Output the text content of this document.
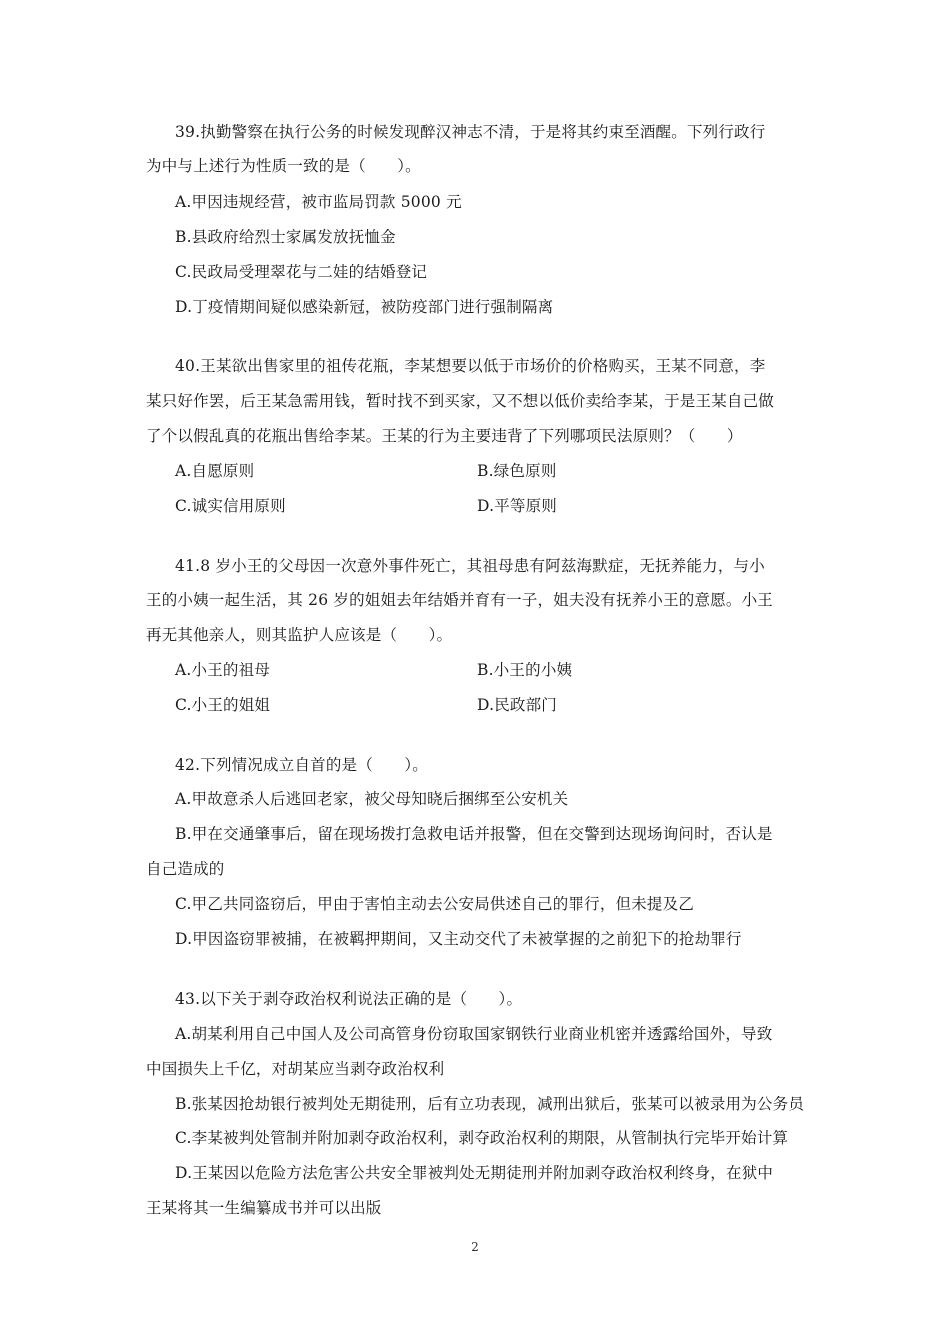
39.执勤警察在执行公务的时候发现醉汉神志不清，于是将其约束至酒醒。下列行政行
为中与上述行为性质一致的是（　　）。
A.甲因违规经营，被市监局罚款 5000 元
B.县政府给烈士家属发放抚恤金
C.民政局受理翠花与二娃的结婚登记
D.丁疫情期间疑似感染新冠，被防疫部门进行强制隔离
40.王某欲出售家里的祖传花瓶，李某想要以低于市场价的价格购买，王某不同意，李
某只好作罢，后王某急需用钱，暂时找不到买家，又不想以低价卖给李某，于是王某自己做
了个以假乱真的花瓶出售给李某。王某的行为主要违背了下列哪项民法原则？（　　）
A.自愿原则	B.绿色原则
C.诚实信用原则	D.平等原则
41.8 岁小王的父母因一次意外事件死亡，其祖母患有阿兹海默症，无抚养能力，与小
王的小姨一起生活，其 26 岁的姐姐去年结婚并育有一子，姐夫没有抚养小王的意愿。小王
再无其他亲人，则其监护人应该是（　　）。
A.小王的祖母	B.小王的小姨
C.小王的姐姐	D.民政部门
42.下列情况成立自首的是（　　）。
A.甲故意杀人后逃回老家，被父母知晓后捆绑至公安机关
B.甲在交通肇事后，留在现场拨打急救电话并报警，但在交警到达现场询问时，否认是
自己造成的
C.甲乙共同盗窃后，甲由于害怕主动去公安局供述自己的罪行，但未提及乙
D.甲因盗窃罪被捕，在被羁押期间，又主动交代了未被掌握的之前犯下的抢劫罪行
43.以下关于剥夺政治权利说法正确的是（　　）。
A.胡某利用自己中国人及公司高管身份窃取国家钢铁行业商业机密并透露给国外，导致
中国损失上千亿，对胡某应当剥夺政治权利
B.张某因抢劫银行被判处无期徒刑，后有立功表现，减刑出狱后，张某可以被录用为公务员
C.李某被判处管制并附加剥夺政治权利，剥夺政治权利的期限，从管制执行完毕开始计算
D.王某因以危险方法危害公共安全罪被判处无期徒刑并附加剥夺政治权利终身，在狱中
王某将其一生编纂成书并可以出版
2
